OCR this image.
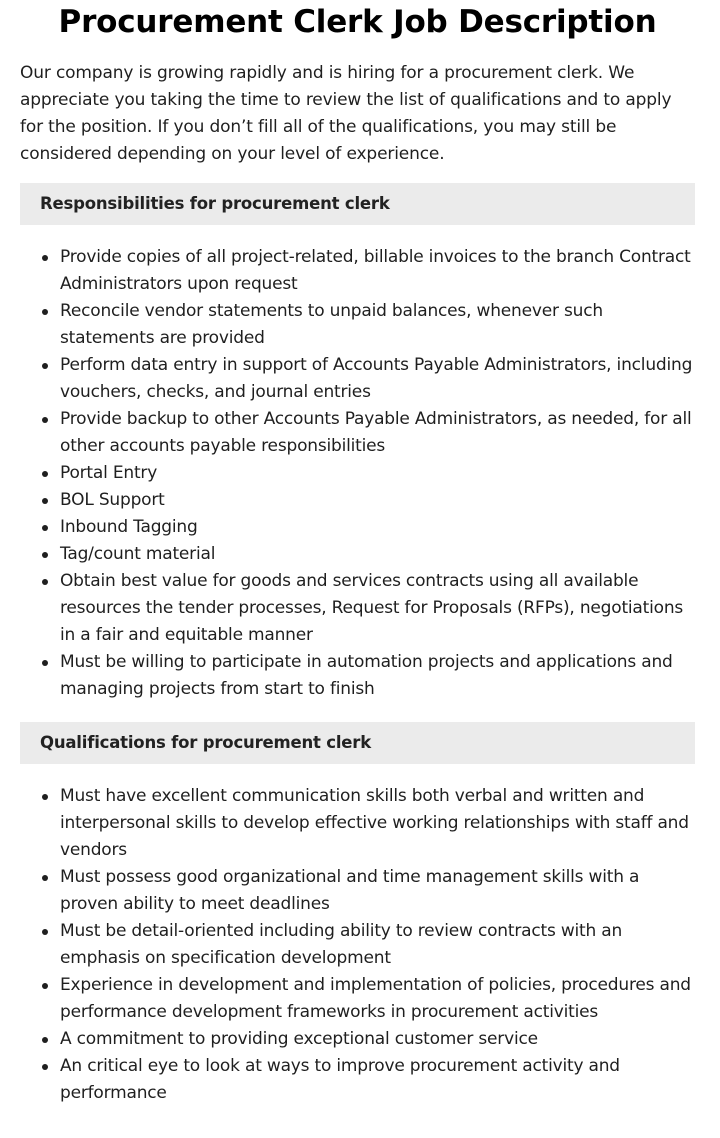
Procurement Clerk Job Description

Our company is growing rapidly and is hiring for a procurement clerk. We appreciate you taking the time to review the list of qualifications and to apply for the position. If you don’t fill all of the qualifications, you may still be considered depending on your level of experience.

Responsibilities for procurement clerk
Provide copies of all project-related, billable invoices to the branch Contract Administrators upon request
Reconcile vendor statements to unpaid balances, whenever such statements are provided
Perform data entry in support of Accounts Payable Administrators, including vouchers, checks, and journal entries
Provide backup to other Accounts Payable Administrators, as needed, for all other accounts payable responsibilities
Portal Entry
BOL Support
Inbound Tagging
Tag/count material
Obtain best value for goods and services contracts using all available resources the tender processes, Request for Proposals (RFPs), negotiations in a fair and equitable manner
Must be willing to participate in automation projects and applications and managing projects from start to finish
Qualifications for procurement clerk
Must have excellent communication skills both verbal and written and interpersonal skills to develop effective working relationships with staff and vendors
Must possess good organizational and time management skills with a proven ability to meet deadlines
Must be detail-oriented including ability to review contracts with an emphasis on specification development
Experience in development and implementation of policies, procedures and performance development frameworks in procurement activities
A commitment to providing exceptional customer service
An critical eye to look at ways to improve procurement activity and performance
